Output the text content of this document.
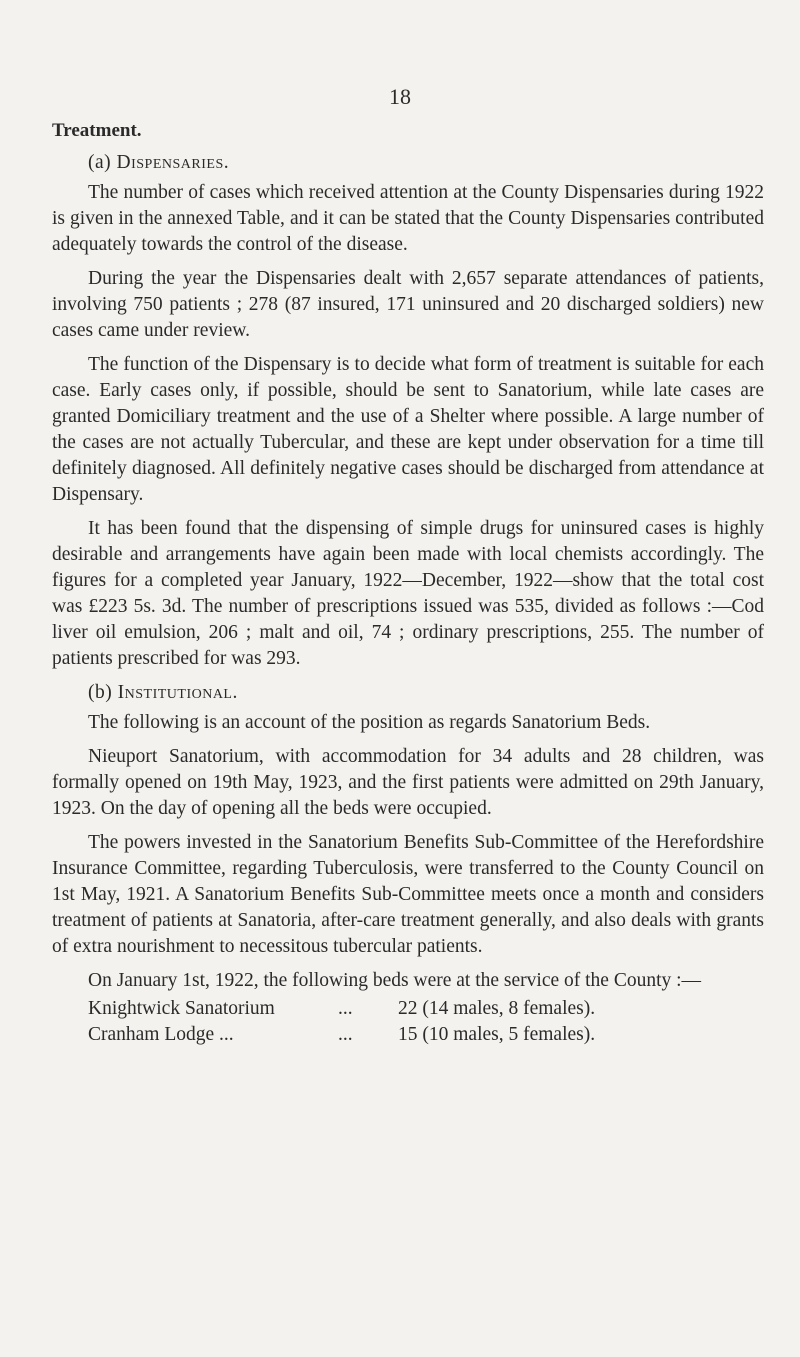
18
Treatment.
(a) Dispensaries.

The number of cases which received attention at the County Dispensaries during 1922 is given in the annexed Table, and it can be stated that the County Dispensaries contributed adequately towards the control of the disease.

During the year the Dispensaries dealt with 2,657 separate attendances of patients, involving 750 patients ; 278 (87 insured, 171 uninsured and 20 discharged soldiers) new cases came under review.

The function of the Dispensary is to decide what form of treatment is suitable for each case. Early cases only, if possible, should be sent to Sanatorium, while late cases are granted Domiciliary treatment and the use of a Shelter where possible. A large number of the cases are not actually Tubercular, and these are kept under observation for a time till definitely diagnosed. All definitely negative cases should be discharged from attendance at Dispensary.

It has been found that the dispensing of simple drugs for uninsured cases is highly desirable and arrangements have again been made with local chemists accordingly. The figures for a completed year January, 1922—December, 1922—show that the total cost was £223 5s. 3d. The number of prescriptions issued was 535, divided as follows :—Cod liver oil emulsion, 206 ; malt and oil, 74 ; ordinary prescriptions, 255. The number of patients prescribed for was 293.

(b) Institutional.

The following is an account of the position as regards Sanatorium Beds.

Nieuport Sanatorium, with accommodation for 34 adults and 28 children, was formally opened on 19th May, 1923, and the first patients were admitted on 29th January, 1923. On the day of opening all the beds were occupied.

The powers invested in the Sanatorium Benefits Sub-Committee of the Herefordshire Insurance Committee, regarding Tuberculosis, were transferred to the County Council on 1st May, 1921. A Sanatorium Benefits Sub-Committee meets once a month and considers treatment of patients at Sanatoria, after-care treatment generally, and also deals with grants of extra nourishment to necessitous tubercular patients.

On January 1st, 1922, the following beds were at the service of the County :—

Knightwick Sanatorium	...	22 (14 males, 8 females).
Cranham Lodge ...	...	15 (10 males, 5 females).
